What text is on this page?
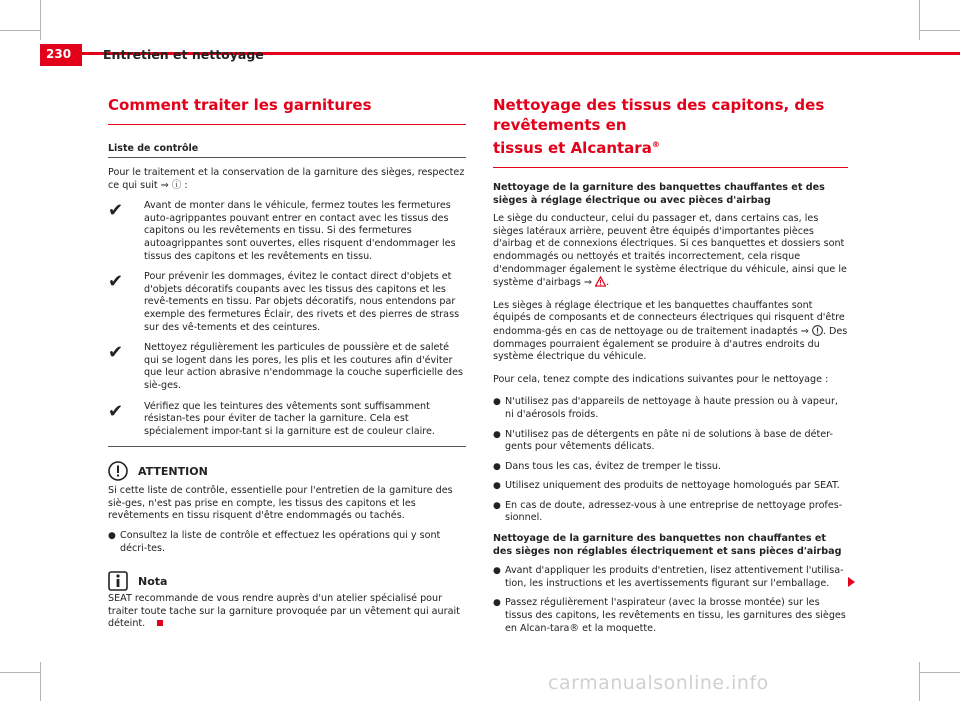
230	Entretien et nettoyage
Comment traiter les garnitures
Liste de contrôle

Pour le traitement et la conservation de la garniture des sièges, respectez ce qui suit ⇒ ⓘ :

✔	Avant de monter dans le véhicule, fermez toutes les fermetures auto-agrippantes pouvant entrer en contact avec les tissus des capitons ou les revêtements en tissu. Si des fermetures autoagrippantes sont ouvertes, elles risquent d'endommager les tissus des capitons et les revêtements en tissu.
✔	Pour prévenir les dommages, évitez le contact direct d'objets et d'objets décoratifs coupants avec les tissus des capitons et les revê-tements en tissu. Par objets décoratifs, nous entendons par exemple des fermetures Éclair, des rivets et des pierres de strass sur des vê-tements et des ceintures.
✔	Nettoyez régulièrement les particules de poussière et de saleté qui se logent dans les pores, les plis et les coutures afin d'éviter que leur action abrasive n'endommage la couche superficielle des siè-ges.
✔	Vérifiez que les teintures des vêtements sont suffisamment résistan-tes pour éviter de tacher la garniture. Cela est spécialement impor-tant si la garniture est de couleur claire.
ATTENTION

Si cette liste de contrôle, essentielle pour l'entretien de la gamiture des siè-ges, n'est pas prise en compte, les tissus des capitons et les revêtements en tissu risquent d'être endommagés ou tachés.

● Consultez la liste de contrôle et effectuez les opérations qui y sont décri-tes.
Nota

SEAT recommande de vous rendre auprès d'un atelier spécialisé pour traiter toute tache sur la garniture provoquée par un vêtement qui aurait déteint.

Nettoyage des tissus des capitons, des revêtements en
tissus et Alcantara®
Nettoyage de la garniture des banquettes chauffantes et des sièges à réglage électrique ou avec pièces d'airbag

Le siège du conducteur, celui du passager et, dans certains cas, les sièges latéraux arrière, peuvent être équipés d'importantes pièces d'airbag et de connexions électriques. Si ces banquettes et dossiers sont endommagés ou nettoyés et traités incorrectement, cela risque d'endommager également le système électrique du véhicule, ainsi que le système d'airbags ⇒ .

Les sièges à réglage électrique et les banquettes chauffantes sont équipés de composants et de connecteurs électriques qui risquent d'être endomma-gés en cas de nettoyage ou de traitement inadaptés ⇒ . Des dommages pourraient également se produire à d'autres endroits du système électrique du véhicule.

Pour cela, tenez compte des indications suivantes pour le nettoyage :

● N'utilisez pas d'appareils de nettoyage à haute pression ou à vapeur, ni d'aérosols froids.
● N'utilisez pas de détergents en pâte ni de solutions à base de déter-gents pour vêtements délicats.
● Dans tous les cas, évitez de tremper le tissu.
● Utilisez uniquement des produits de nettoyage homologués par SEAT.
● En cas de doute, adressez-vous à une entreprise de nettoyage profes-sionnel.
Nettoyage de la garniture des banquettes non chauffantes et des sièges non réglables électriquement et sans pièces d'airbag
● Avant d'appliquer les produits d'entretien, lisez attentivement l'utilisa-tion, les instructions et les avertissements figurant sur l'emballage.
● Passez régulièrement l'aspirateur (avec la brosse montée) sur les tissus des capitons, les revêtements en tissu, les garnitures des sièges en Alcan-tara® et la moquette.
carmanualsonline.info
